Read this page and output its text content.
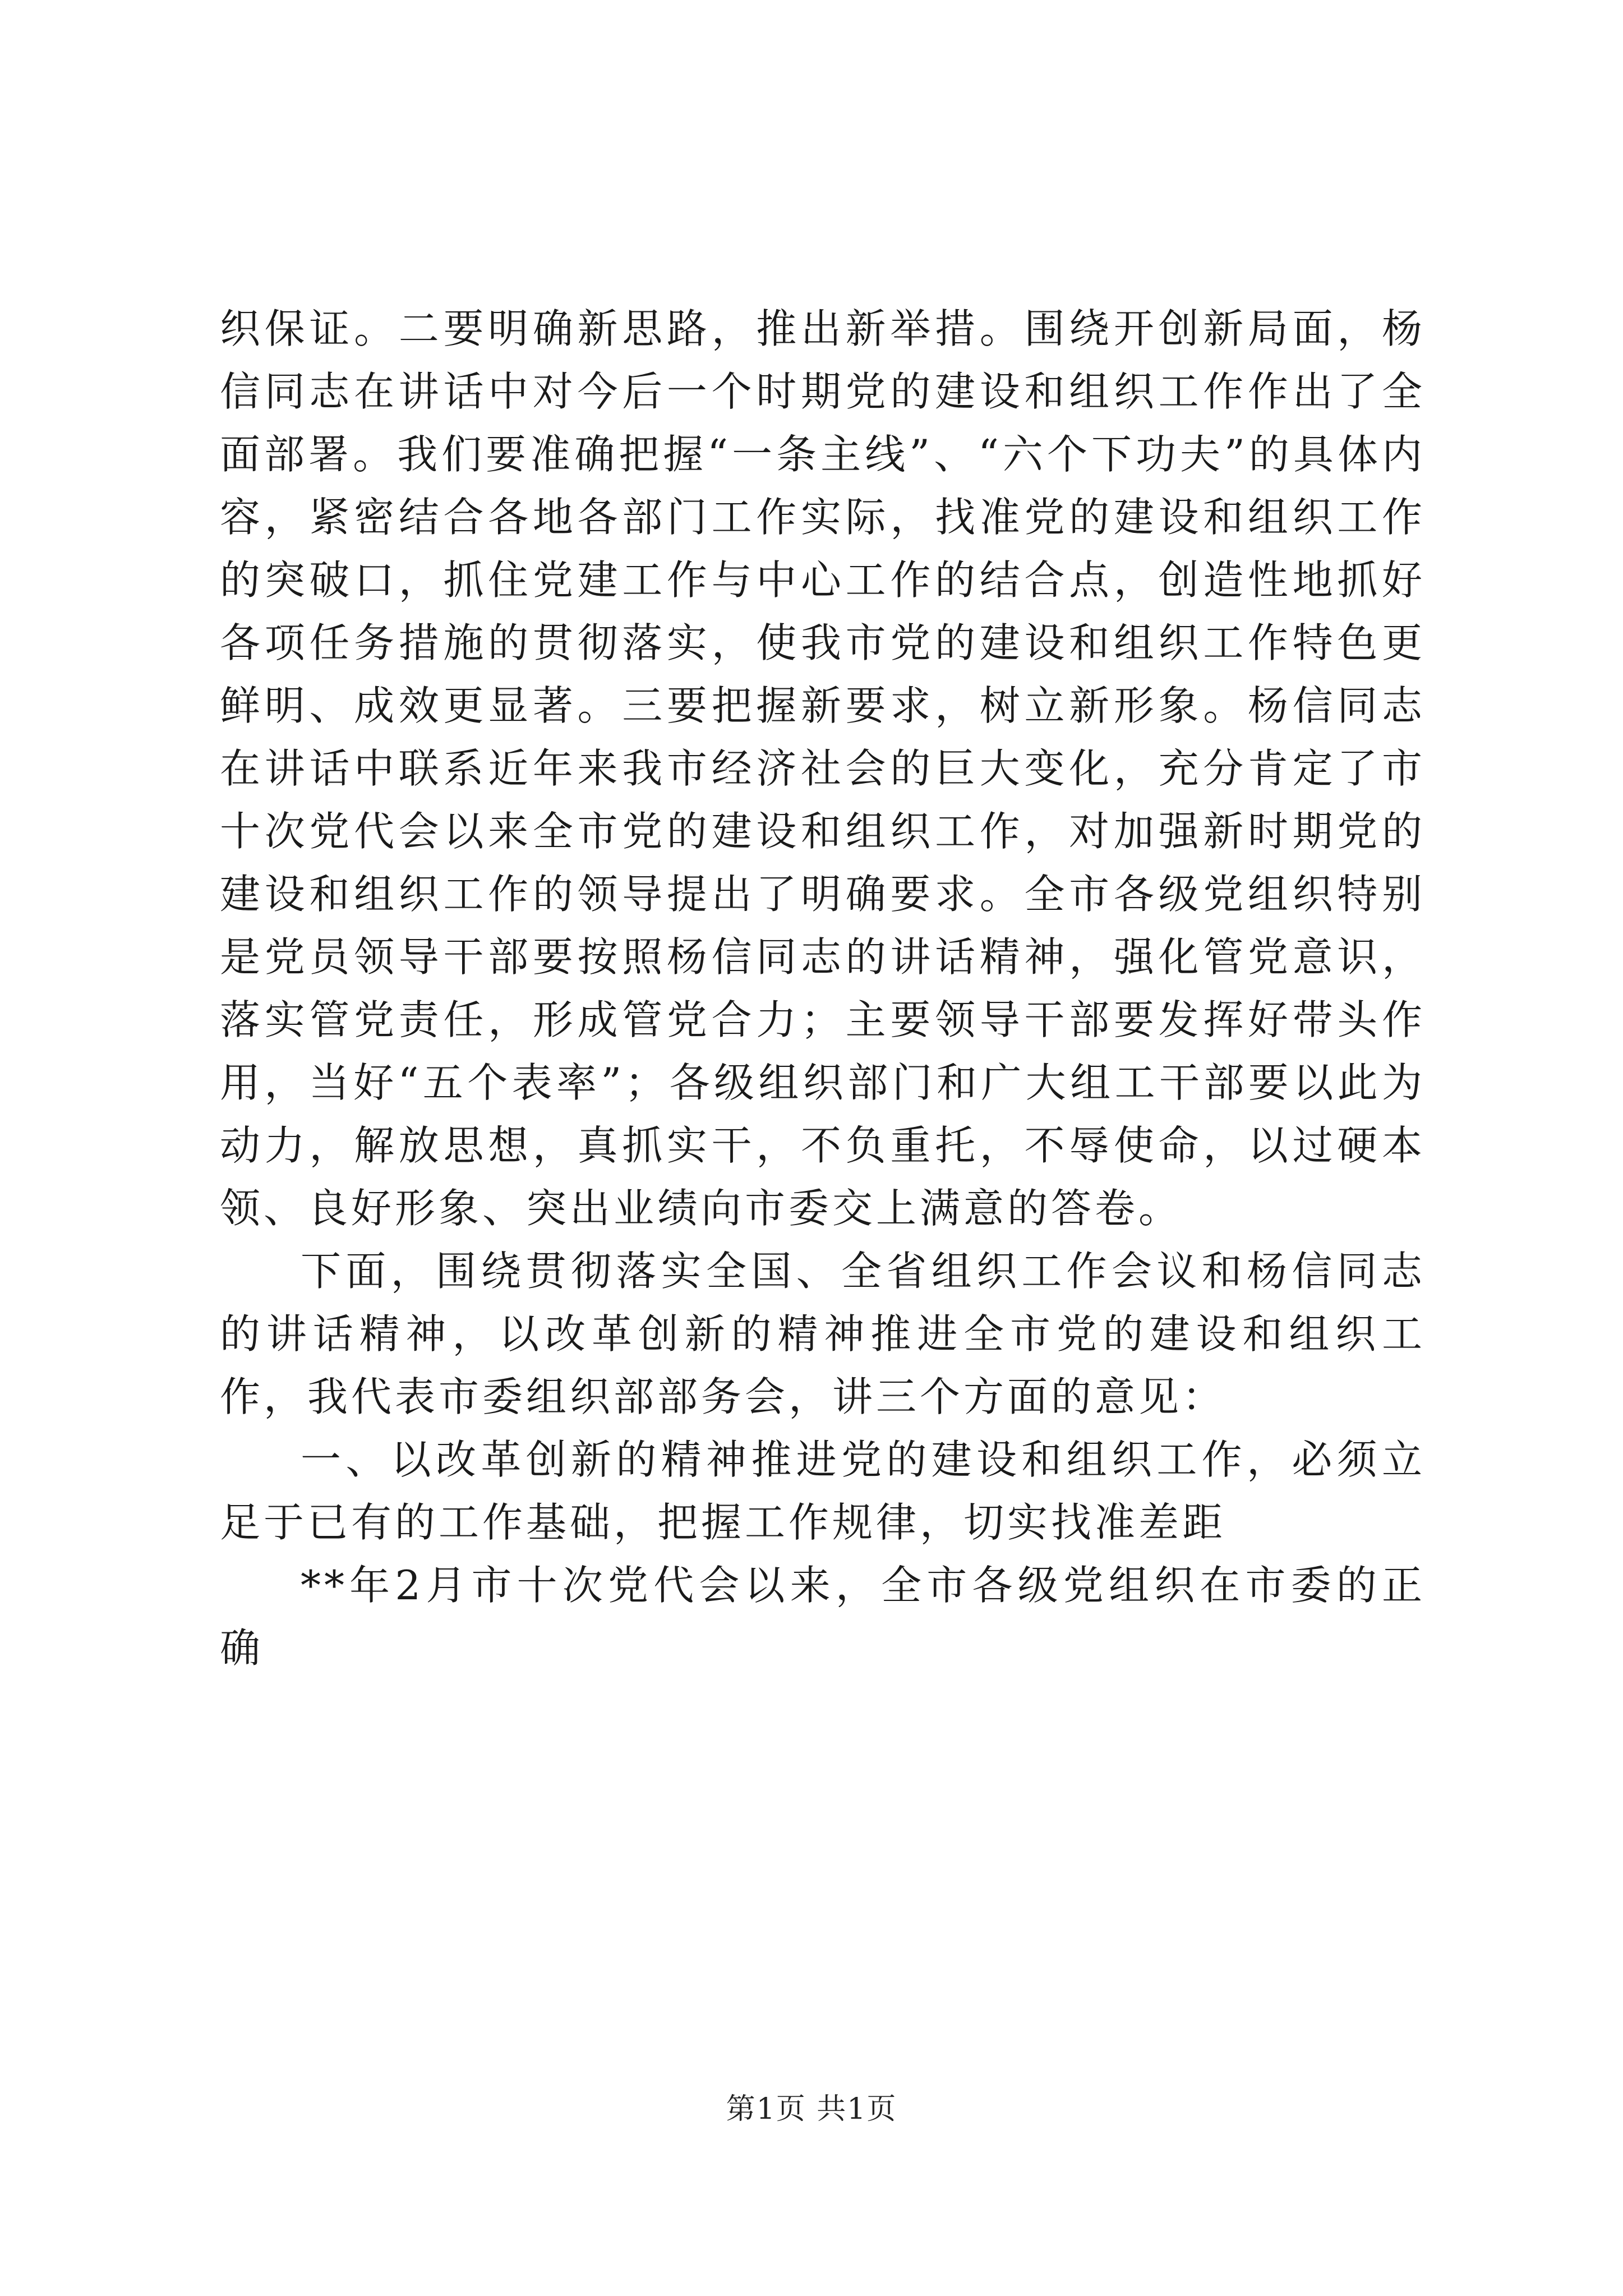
织保证。二要明确新思路，推出新举措。围绕开创新局面，杨信同志在讲话中对今后一个时期党的建设和组织工作作出了全面部署。我们要准确把握“一条主线”、“六个下功夫”的具体内容，紧密结合各地各部门工作实际，找准党的建设和组织工作的突破口，抓住党建工作与中心工作的结合点，创造性地抓好各项任务措施的贯彻落实，使我市党的建设和组织工作特色更鲜明、成效更显著。三要把握新要求，树立新形象。杨信同志在讲话中联系近年来我市经济社会的巨大变化，充分肯定了市十次党代会以来全市党的建设和组织工作，对加强新时期党的建设和组织工作的领导提出了明确要求。全市各级党组织特别是党员领导干部要按照杨信同志的讲话精神，强化管党意识，落实管党责任，形成管党合力；主要领导干部要发挥好带头作用，当好“五个表率”；各级组织部门和广大组工干部要以此为动力，解放思想，真抓实干，不负重托，不辱使命，以过硬本领、良好形象、突出业绩向市委交上满意的答卷。

下面，围绕贯彻落实全国、全省组织工作会议和杨信同志的讲话精神，以改革创新的精神推进全市党的建设和组织工作，我代表市委组织部部务会，讲三个方面的意见：

一、以改革创新的精神推进党的建设和组织工作，必须立足于已有的工作基础，把握工作规律，切实找准差距

**年2月市十次党代会以来，全市各级党组织在市委的正确

第1页 共1页
